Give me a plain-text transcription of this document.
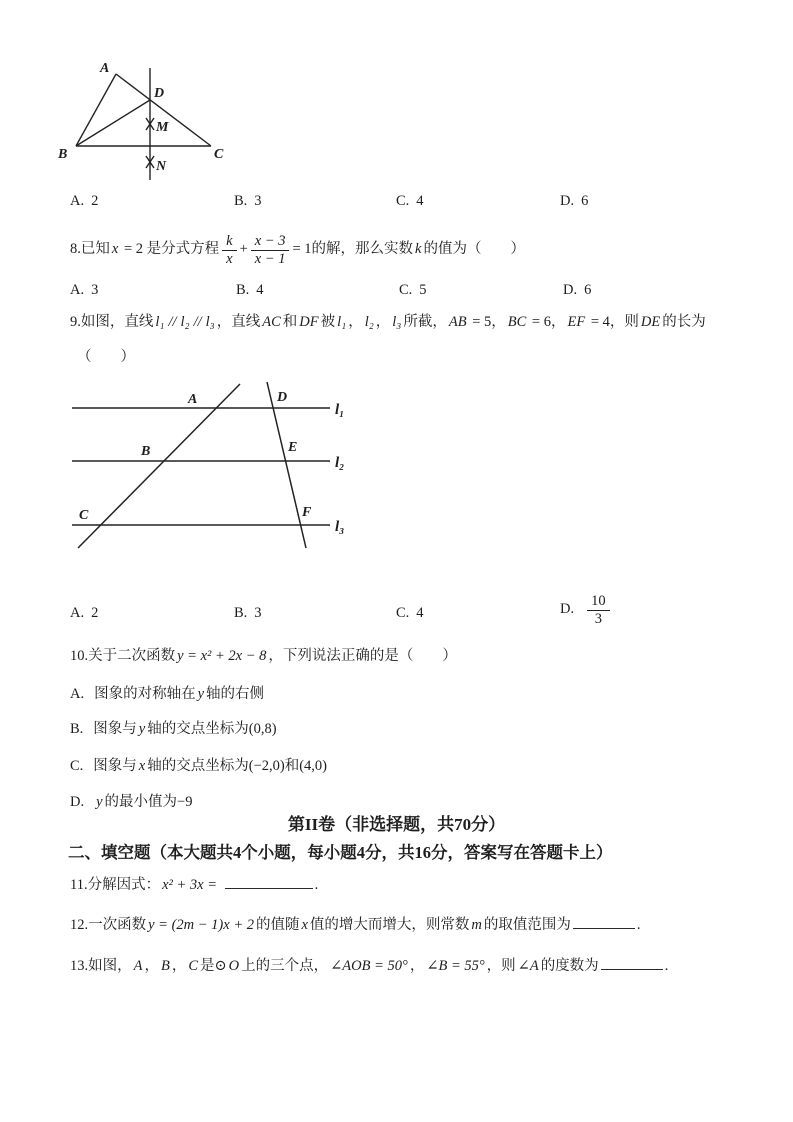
A
D
M
B
N
C
A. 2	B. 3	C. 4	D. 6
8.已知 x = 2 是分式方程 $\frac{k}{x} + \frac{x - 3}{x - 1} = 1$ 的解，那么实数 k 的值为（　　）
A. 3	B. 4	C. 5	D. 6
9.如图，直线 l₁ // l₂ // l₃ ，直线 AC 和 DF 被 l₁ ， l₂ ， l₃ 所截， AB = 5， BC = 6， EF = 4，则 DE 的长为
（　　）
l₁
l₂
l₃
A	D
B	E
C	F
A. 2	B. 3	C. 4	D. $\frac{10}{3}$
10.关于二次函数 y = x² + 2x − 8 ，下列说法正确的是（　　）
A. 图象的对称轴在 y 轴的右侧
B. 图象与 y 轴的交点坐标为(0,8)
C. 图象与 x 轴的交点坐标为(−2,0)和(4,0)
D. y 的最小值为−9
第II卷（非选择题，共70分）
二、填空题（本大题共4个小题，每小题4分，共16分，答案写在答题卡上）
11.分解因式： x² + 3x =	.
12.一次函数 y = (2m − 1)x + 2 的值随 x 值的增大而增大，则常数 m 的取值范围为	.
13.如图， A ， B ， C 是⊙ O 上的三个点， ∠AOB = 50° ， ∠B = 55° ，则 ∠A 的度数为	.
